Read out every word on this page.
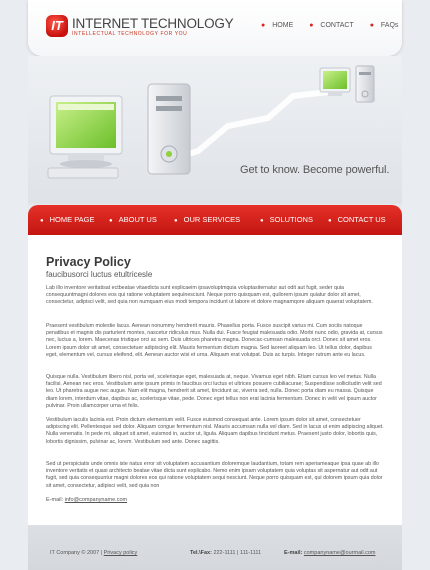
IT INTERNET TECHNOLOGY
INTELLECTUAL TECHNOLOGY FOR YOU
● HOME ● CONTACT ● FAQs
Get to know. Become powerful.
● HOME PAGE ● ABOUT US	● OUR SERVICES	● SOLUTIONS	● CONTACT US
Privacy Policy
faucibusorci luctus etultricesle
Lab illo inventore veritatisat ectbeatae vitaedicta sunt explicaeim ipsavoluptmquia voluptasiternatur aut odit aut fugit, seder quia consequuntmagni dolores eos qui ratione voluptatem sequinesciunt. Neque porro quisquam est, quilorem ipsum quiatur dolor sit amet, consectetur, adipisci velit, sed quia non numquam eius modi tempora incidunt ut labore et dolore magnamqore aliquam quaerat voluptatem.
Praesent vestibulum molestie lacus. Aenean nonummy hendrerit mauris. Phasellus porta. Fusce suscipit varius mi. Cum sociis natoque penatibus et magnis dis parturient montes, nascetur ridiculus mus. Nulla dui. Fusce feugiat malesuada odio. Morbi nunc odio, gravida at, cursus nec, luctus a, lorem. Maecenas tristique orci ac sem. Duis ultrices pharetra magna. Donecac-cumsan malesuada orci. Donec sit amet eros. Lorem ipsum dolor sit amet, consectetuer adipiscing elit. Mauris fermentum dictum magna. Sed laoreet aliquam leo. Ut tellus dolor, dapibus eget, elementum vel, cursus eleifend, elit. Aenean auctor wisi et urna. Aliquam erat volutpat. Duis ac turpis. Integer rutrum ante eu lacus.
Quisque nulla. Vestibulum libero nisl, porta vel, scelerisque eget, malesuada at, neque. Vivamus eget nibh. Etiam cursus leo vel metus. Nulla facilisi. Aenean nec eros. Vestibulum ante ipsum primis in faucibus orci luctus et ultrices posuere cubiliacurae; Suspendisse sollicitudin velit sed leo. Ut pharetra augue nec augue. Nam elit magna, hendrerit sit amet, tincidunt ac, viverra sed, nulla. Donec porta diam eu massa. Quisque diam lorem, interdum vitae, dapibus ac, scelerisque vitae, pede. Donec eget tellus non erat lacinia fermentum. Donec in velit vel ipsum auctor pulvinar. Proin ullamcorper urna et felis.
Vestibulum iaculis lacinia est. Proin dictum elementum velit. Fusce euismod consequat ante. Lorem ipsum dolor sit amet, consectetuer adipiscing elit. Pellentesque sed dolor. Aliquam congue fermentum nisl. Mauris accumsan nulla vel diam. Sed in lacus ut enim adipiscing aliquet. Nulla venenatis. In pede mi, aliquet sit amet, euismod in, auctor ut, ligula. Aliquam dapibus tincidunt metus. Praesent justo dolor, lobortis quis, lobortis dignissim, pulvinar ac, lorem. Vestibulum sed ante. Donec sagittis.
Sed ut perspiciatis unde omnis iste natus error sit voluptatem accusantium doloremque laudantium, totam rem aperiameaque ipsa quae ab illo inventore veritatis et quasi architecto beatae vitae dicta sunt explicabo. Nemo enim ipsam voluptatem quia voluptas sit aspernatur aut odit aut fugit, sed quia consequuntur magni dolores eos qui ratione voluptatem sequi nesciunt. Neque porro quisquam est, qui dolorem ipsum quia dolor sit amet, consectetur, adipisci velit, sed quia non
E-mail: info@companyname.com
IT Company © 2007 | Privacy policy	Tel.\Fax: 222-1111 | 111-1111	E-mail: companyname@ourmail.com
